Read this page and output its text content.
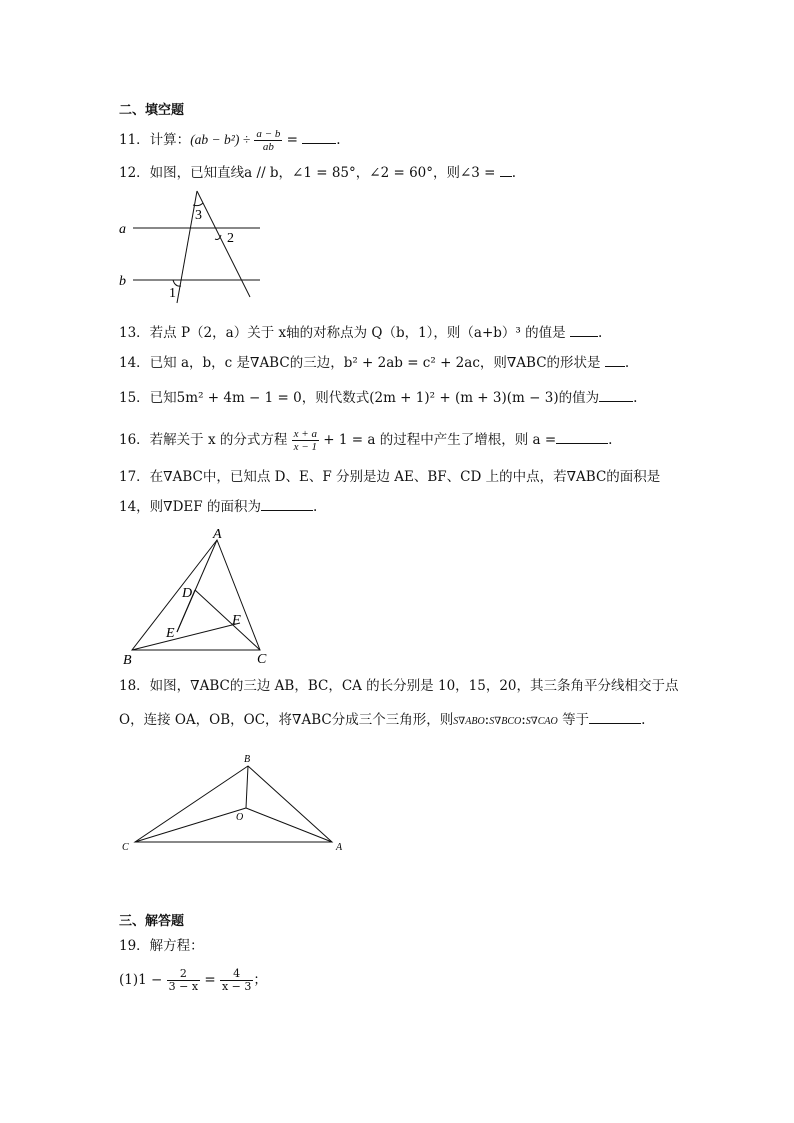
二、填空题
11．计算：$(ab - b^2) \div \frac{a - b}{ab}$ =	.
12．如图，已知直线a // b，∠1 = 85°，∠2 = 60°，则∠3 = .
a
b
3
2
1
13．若点 P（2，a）关于 x轴的对称点为 Q（b，1），则（a+b）³ 的值是 .
14．已知 a，b，c 是∇ABC的三边，b² + 2ab = c² + 2ac，则∇ABC的形状是 .
15．已知5m² + 4m − 1 = 0，则代数式(2m + 1)² + (m + 3)(m − 3)的值为	.
16．若解关于 x 的分式方程 $\frac{x + a}{x - 1} + 1 = a$ 的过程中产生了增根，则 a =	.
17．在∇ABC中，已知点 D、E、F 分别是边 AE、BF、CD 上的中点，若∇ABC的面积是
14，则∇DEF 的面积为	.
A
B	C
D
E
F
18．如图，∇ABC的三边 AB，BC，CA 的长分别是 10，15，20，其三条角平分线相交于点
O，连接 OA，OB，OC，将∇ABC分成三个三角形，则S∇ABO:S∇BCO:S∇CAO 等于	.
B
C	A
O
三、解答题
19．解方程：
$(1)1 - \frac{2}{3 - x} = \frac{4}{x - 3}$ ；
